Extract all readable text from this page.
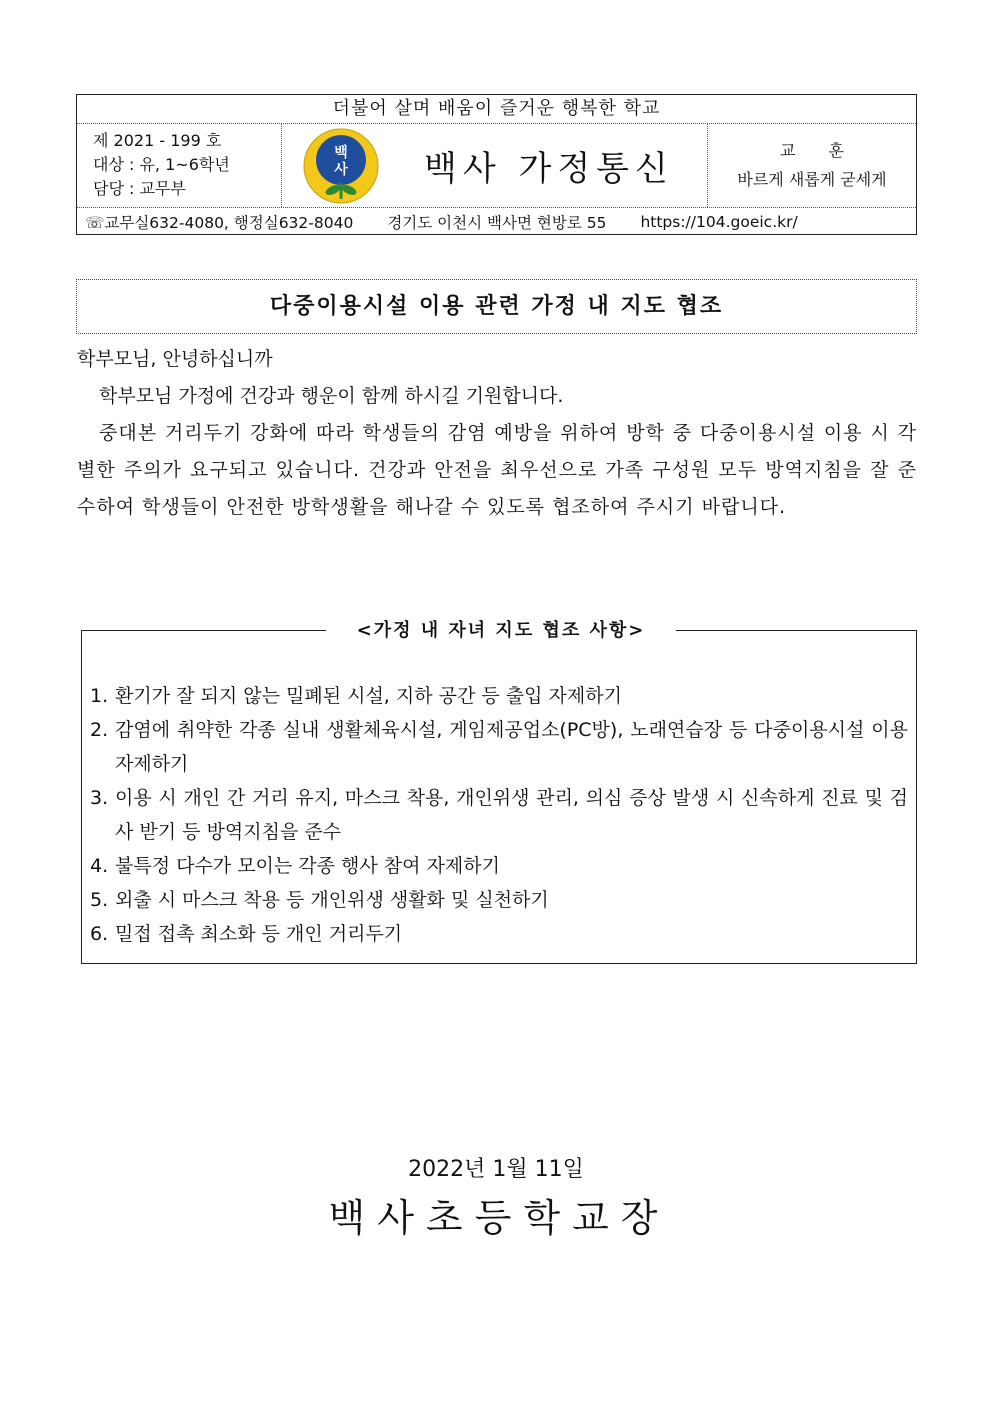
더불어 살며 배움이 즐거운 행복한 학교
제 2021 - 199 호
대상 : 유, 1~6학년
담당 : 교무부
백
사 백사 가정통신	교 훈
바르게 새롭게 굳세게
☏교무실632-4080, 행정실632-8040 경기도 이천시 백사면 현방로 55 https://104.goeic.kr/
다중이용시설 이용 관련 가정 내 지도 협조

학부모님, 안녕하십니까

학부모님 가정에 건강과 행운이 함께 하시길 기원합니다.

중대본 거리두기 강화에 따라 학생들의 감염 예방을 위하여 방학 중 다중이용시설 이용 시 각별한 주의가 요구되고 있습니다. 건강과 안전을 최우선으로 가족 구성원 모두 방역지침을 잘 준수하여 학생들이 안전한 방학생활을 해나갈 수 있도록 협조하여 주시기 바랍니다.

<가정 내 자녀 지도 협조 사항>
1. 환기가 잘 되지 않는 밀폐된 시설, 지하 공간 등 출입 자제하기
2. 감염에 취약한 각종 실내 생활체육시설, 게임제공업소(PC방), 노래연습장 등 다중이용시설 이용 자제하기
3. 이용 시 개인 간 거리 유지, 마스크 착용, 개인위생 관리, 의심 증상 발생 시 신속하게 진료 및 검사 받기 등 방역지침을 준수
4. 불특정 다수가 모이는 각종 행사 참여 자제하기
5. 외출 시 마스크 착용 등 개인위생 생활화 및 실천하기
6. 밀접 접촉 최소화 등 개인 거리두기
2022년 1월 11일
백사초등학교장
